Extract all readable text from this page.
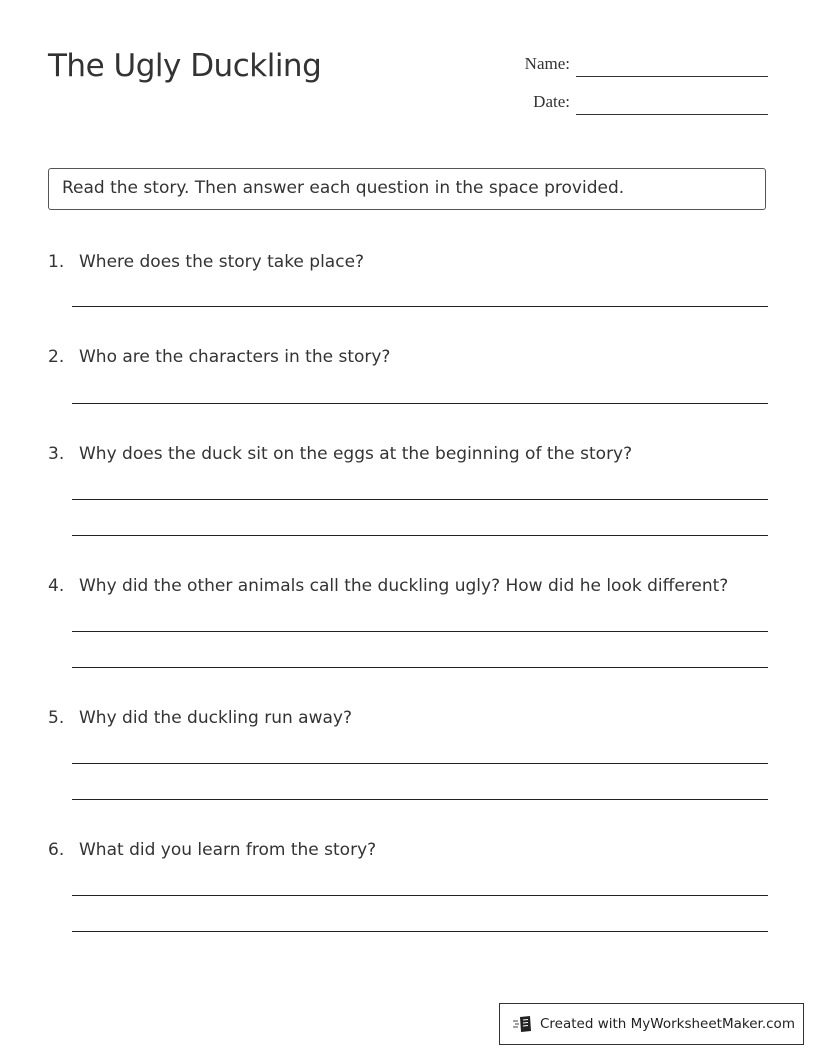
The Ugly Duckling	Name:
Date:
Read the story. Then answer each question in the space provided.
1. Where does the story take place?
2. Who are the characters in the story?
3. Why does the duck sit on the eggs at the beginning of the story?
4. Why did the other animals call the duckling ugly? How did he look different?
5. Why did the duckling run away?
6. What did you learn from the story?
Created with MyWorksheetMaker.com
